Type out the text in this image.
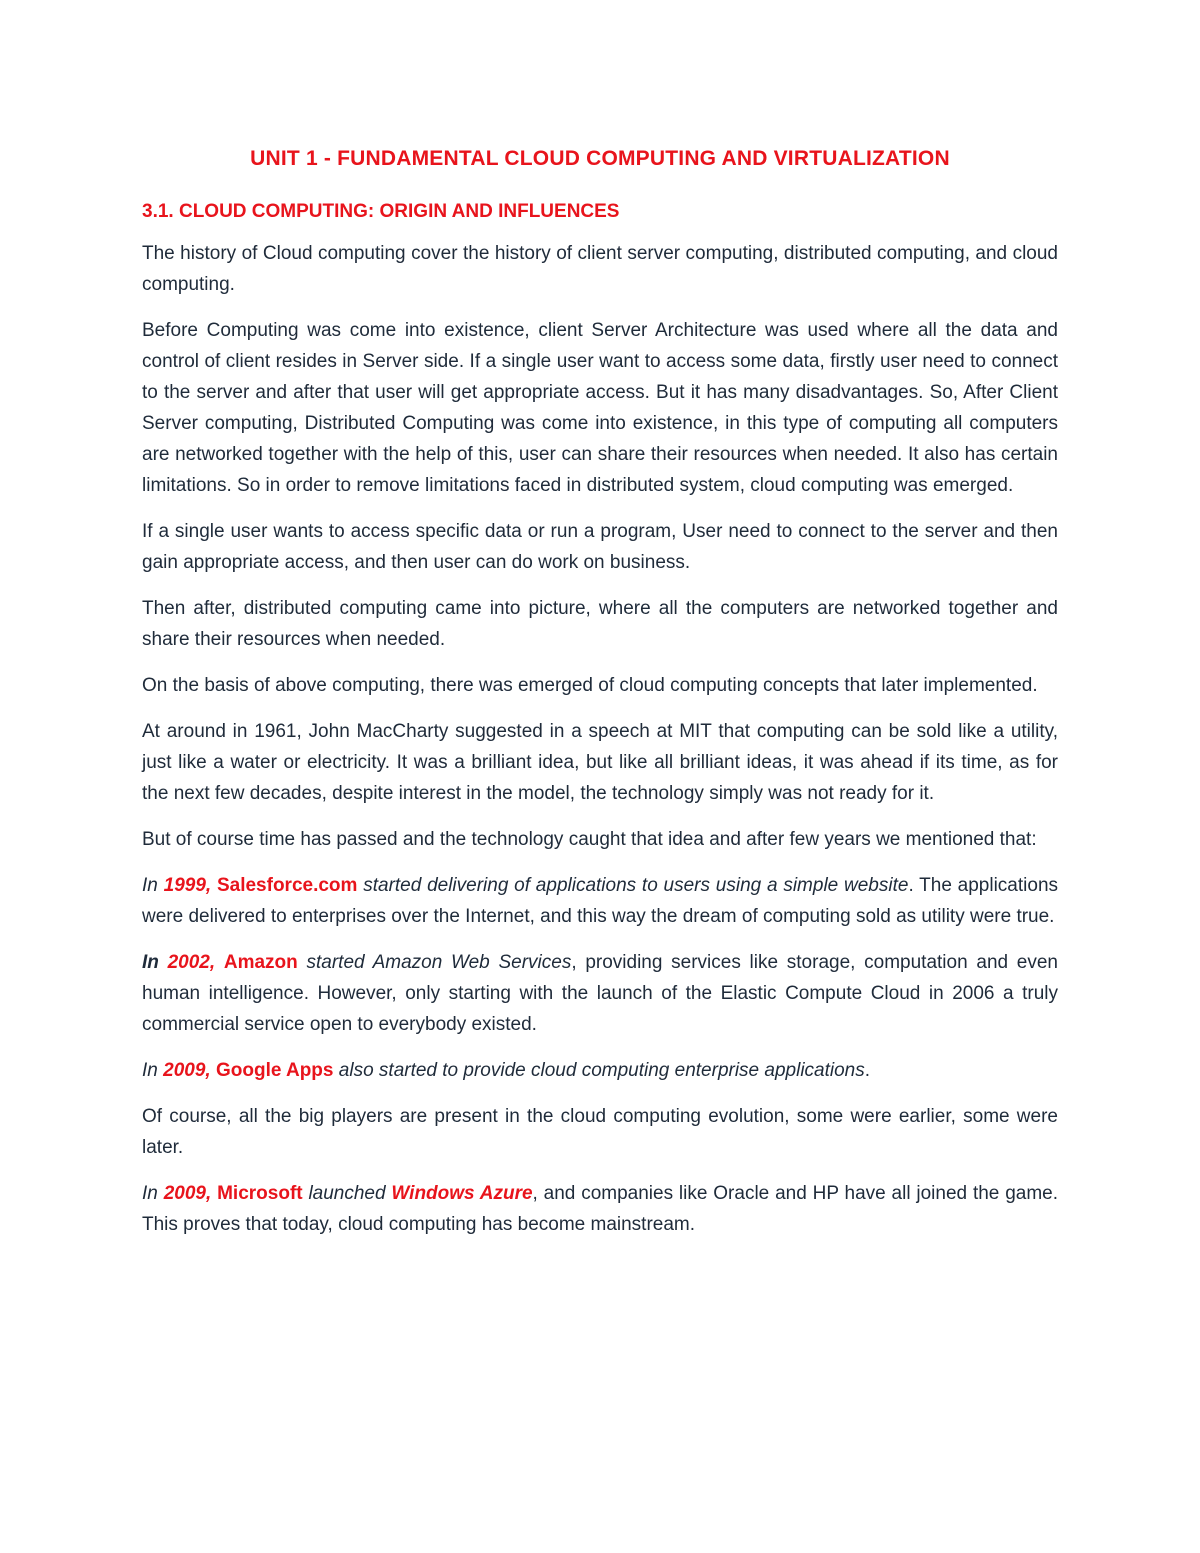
UNIT 1 - FUNDAMENTAL CLOUD COMPUTING AND VIRTUALIZATION
3.1. CLOUD COMPUTING: ORIGIN AND INFLUENCES

The history of Cloud computing cover the history of client server computing, distributed computing, and cloud computing.

Before Computing was come into existence, client Server Architecture was used where all the data and control of client resides in Server side. If a single user want to access some data, firstly user need to connect to the server and after that user will get appropriate access. But it has many disadvantages. So, After Client Server computing, Distributed Computing was come into existence, in this type of computing all computers are networked together with the help of this, user can share their resources when needed. It also has certain limitations. So in order to remove limitations faced in distributed system, cloud computing was emerged.

If a single user wants to access specific data or run a program, User need to connect to the server and then gain appropriate access, and then user can do work on business.

Then after, distributed computing came into picture, where all the computers are networked together and share their resources when needed.

On the basis of above computing, there was emerged of cloud computing concepts that later implemented.

At around in 1961, John MacCharty suggested in a speech at MIT that computing can be sold like a utility, just like a water or electricity. It was a brilliant idea, but like all brilliant ideas, it was ahead if its time, as for the next few decades, despite interest in the model, the technology simply was not ready for it.

But of course time has passed and the technology caught that idea and after few years we mentioned that:

In 1999, Salesforce.com started delivering of applications to users using a simple website. The applications were delivered to enterprises over the Internet, and this way the dream of computing sold as utility were true.

In 2002, Amazon started Amazon Web Services, providing services like storage, computation and even human intelligence. However, only starting with the launch of the Elastic Compute Cloud in 2006 a truly commercial service open to everybody existed.

In 2009, Google Apps also started to provide cloud computing enterprise applications.

Of course, all the big players are present in the cloud computing evolution, some were earlier, some were later.

In 2009, Microsoft launched Windows Azure, and companies like Oracle and HP have all joined the game. This proves that today, cloud computing has become mainstream.
